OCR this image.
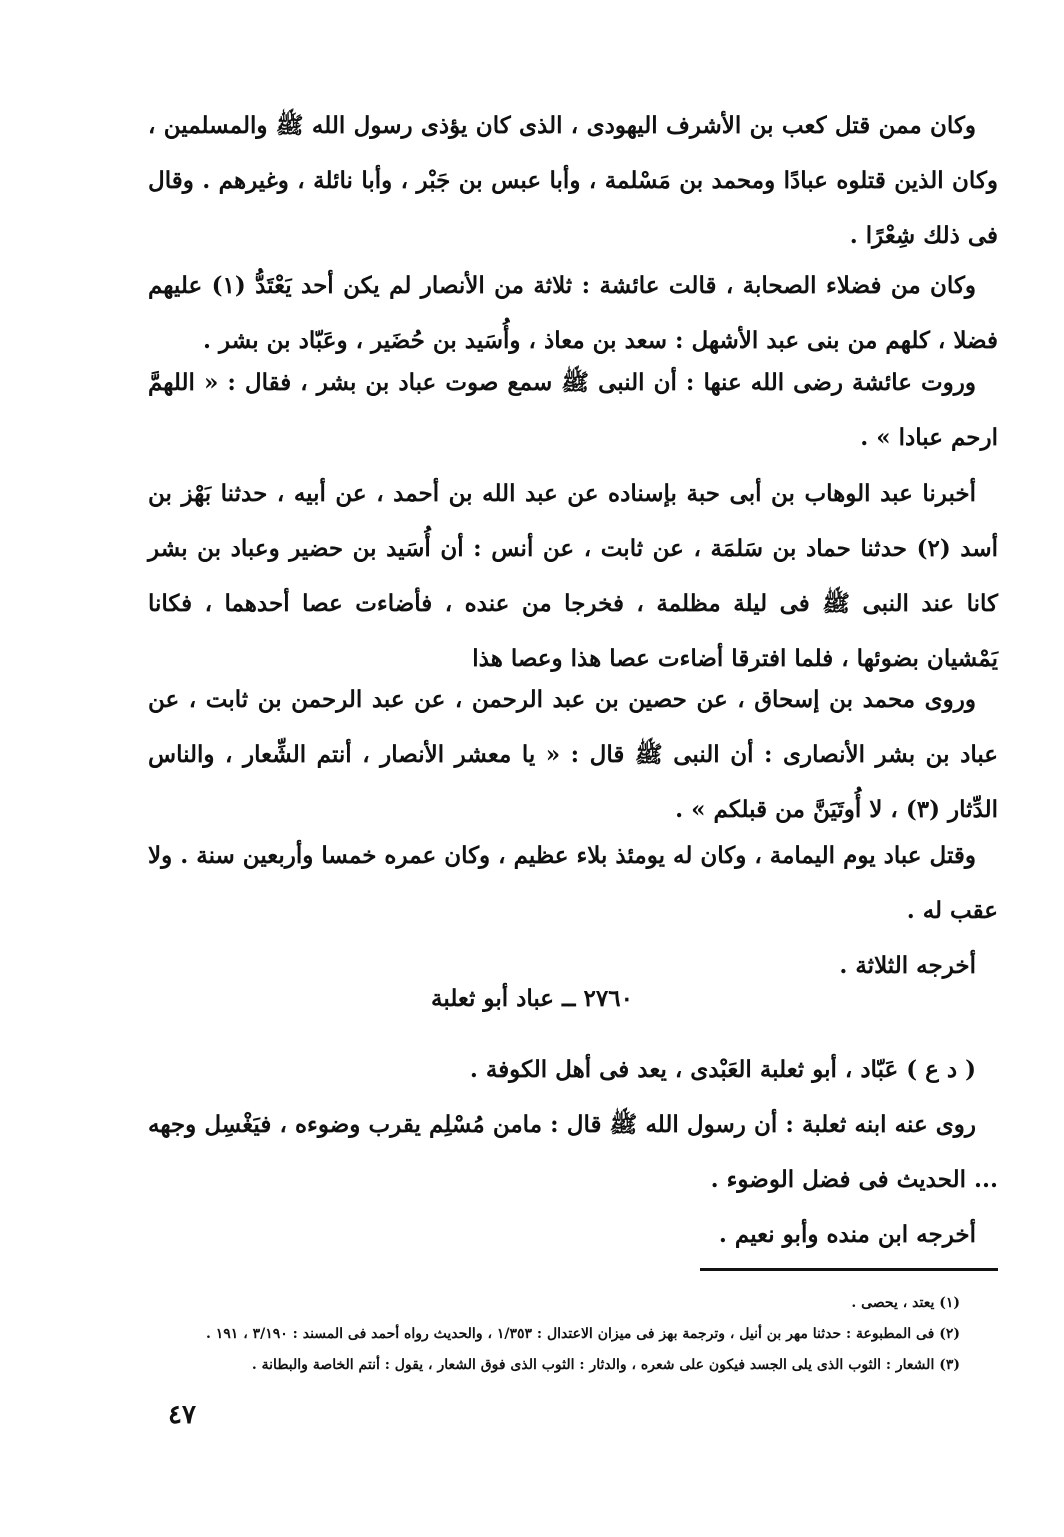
وكان ممن قتل كعب بن الأشرف اليهودى ، الذى كان يؤذى رسول الله ﷺ والمسلمين ، وكان الذين قتلوه عبادًا ومحمد بن مَسْلمة ، وأبا عبس بن جَبْر ، وأبا نائلة ، وغيرهم . وقال فى ذلك شِعْرًا .

وكان من فضلاء الصحابة ، قالت عائشة : ثلاثة من الأنصار لم يكن أحد يَعْتَدُّ (١) عليهم فضلا ، كلهم من بنى عبد الأشهل : سعد بن معاذ ، وأُسَيد بن حُضَير ، وعَبّاد بن بشر .

وروت عائشة رضى الله عنها : أن النبى ﷺ سمع صوت عباد بن بشر ، فقال : « اللهمَّ ارحم عبادا » .

أخبرنا عبد الوهاب بن أبى حبة بإسناده عن عبد الله بن أحمد ، عن أبيه ، حدثنا بَهْز بن أسد (٢) حدثنا حماد بن سَلمَة ، عن ثابت ، عن أنس : أن أُسَيد بن حضير وعباد بن بشر كانا عند النبى ﷺ فى ليلة مظلمة ، فخرجا من عنده ، فأضاءت عصا أحدهما ، فكانا يَمْشيان بضوئها ، فلما افترقا أضاءت عصا هذا وعصا هذا

وروى محمد بن إسحاق ، عن حصين بن عبد الرحمن ، عن عبد الرحمن بن ثابت ، عن عباد بن بشر الأنصارى : أن النبى ﷺ قال : « يا معشر الأنصار ، أنتم الشِّعار ، والناس الدِّثار (٣) ، لا أُوتَيَنَّ من قبلكم » .

وقتل عباد يوم اليمامة ، وكان له يومئذ بلاء عظيم ، وكان عمره خمسا وأربعين سنة . ولا عقب له .

أخرجه الثلاثة .

٢٧٦٠ ــ عباد أبو ثعلبة

( د ع ) عَبّاد ، أبو ثعلبة العَبْدى ، يعد فى أهل الكوفة .

روى عنه ابنه ثعلبة : أن رسول الله ﷺ قال : مامن مُسْلِم يقرب وضوءه ، فيَغْسِل وجهه ... الحديث فى فضل الوضوء .

أخرجه ابن منده وأبو نعيم .

(١) يعتد ، يحصى .

(٢) فى المطبوعة : حدثنا مهر بن أنيل ، وترجمة بهز فى ميزان الاعتدال : ١/٣٥٣ ، والحديث رواه أحمد فى المسند : ٣/١٩٠ ، ١٩١ .

(٣) الشعار : الثوب الذى يلى الجسد فيكون على شعره ، والدثار : الثوب الذى فوق الشعار ، يقول : أنتم الخاصة والبطانة .

٤٧
